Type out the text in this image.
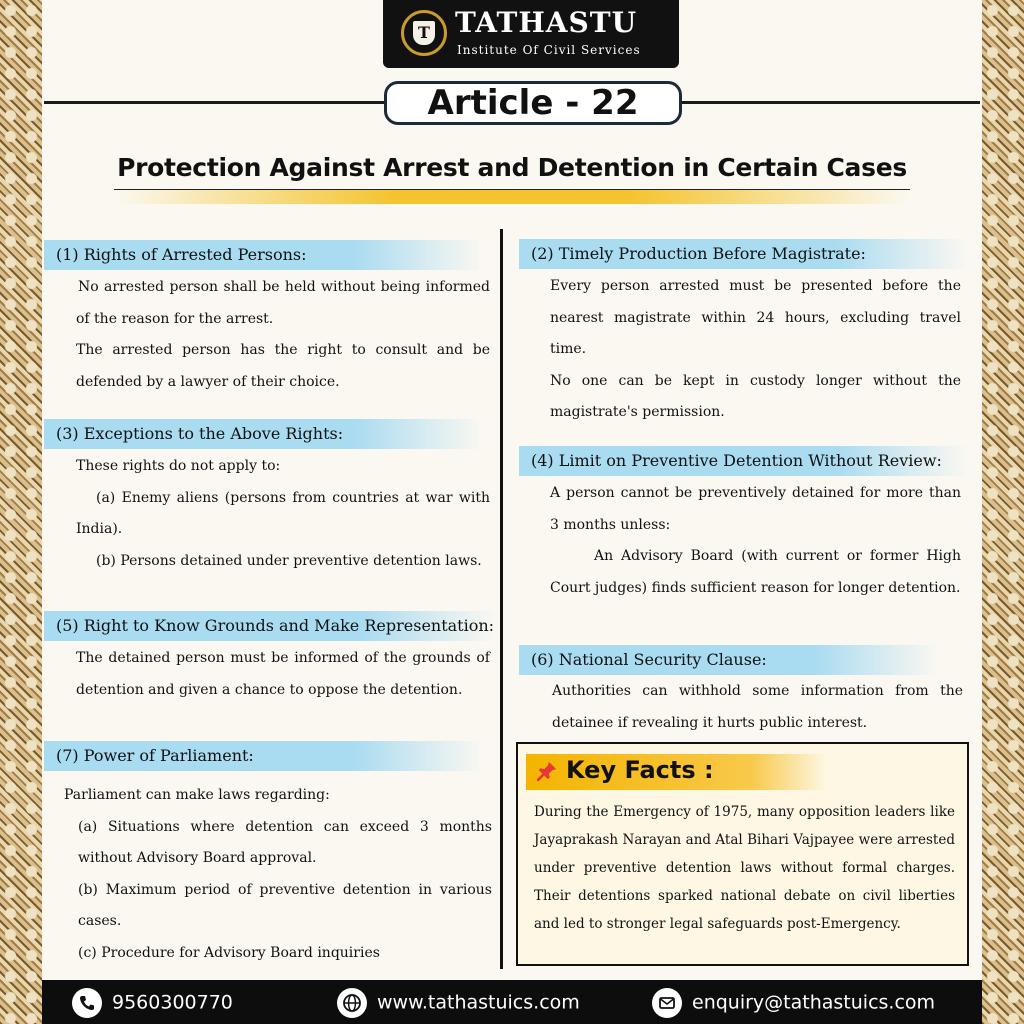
T TATHASTU
Institute Of Civil Services
Article - 22
Protection Against Arrest and Detention in Certain Cases
(1) Rights of Arrested Persons:
No arrested person shall be held without being informed of the reason for the arrest.
The arrested person has the right to consult and be defended by a lawyer of their choice.
(3) Exceptions to the Above Rights:
These rights do not apply to:
(a) Enemy aliens (persons from countries at war with India).
(b) Persons detained under preventive detention laws.
(5) Right to Know Grounds and Make Representation:
The detained person must be informed of the grounds of detention and given a chance to oppose the detention.
(7) Power of Parliament:
Parliament can make laws regarding:
(a) Situations where detention can exceed 3 months without Advisory Board approval.
(b) Maximum period of preventive detention in various cases.
(c) Procedure for Advisory Board inquiries
(2) Timely Production Before Magistrate:
Every person arrested must be presented before the nearest magistrate within 24 hours, excluding travel time.
No one can be kept in custody longer without the magistrate's permission.
(4) Limit on Preventive Detention Without Review:
A person cannot be preventively detained for more than 3 months unless:
An Advisory Board (with current or former High Court judges) finds sufficient reason for longer detention.
(6) National Security Clause:
Authorities can withhold some information from the detainee if revealing it hurts public interest.
Key Facts :
During the Emergency of 1975, many opposition leaders like Jayaprakash Narayan and Atal Bihari Vajpayee were arrested under preventive detention laws without formal charges. Their detentions sparked national debate on civil liberties and led to stronger legal safeguards post-Emergency.
9560300770	www.tathastuics.com	enquiry@tathastuics.com
